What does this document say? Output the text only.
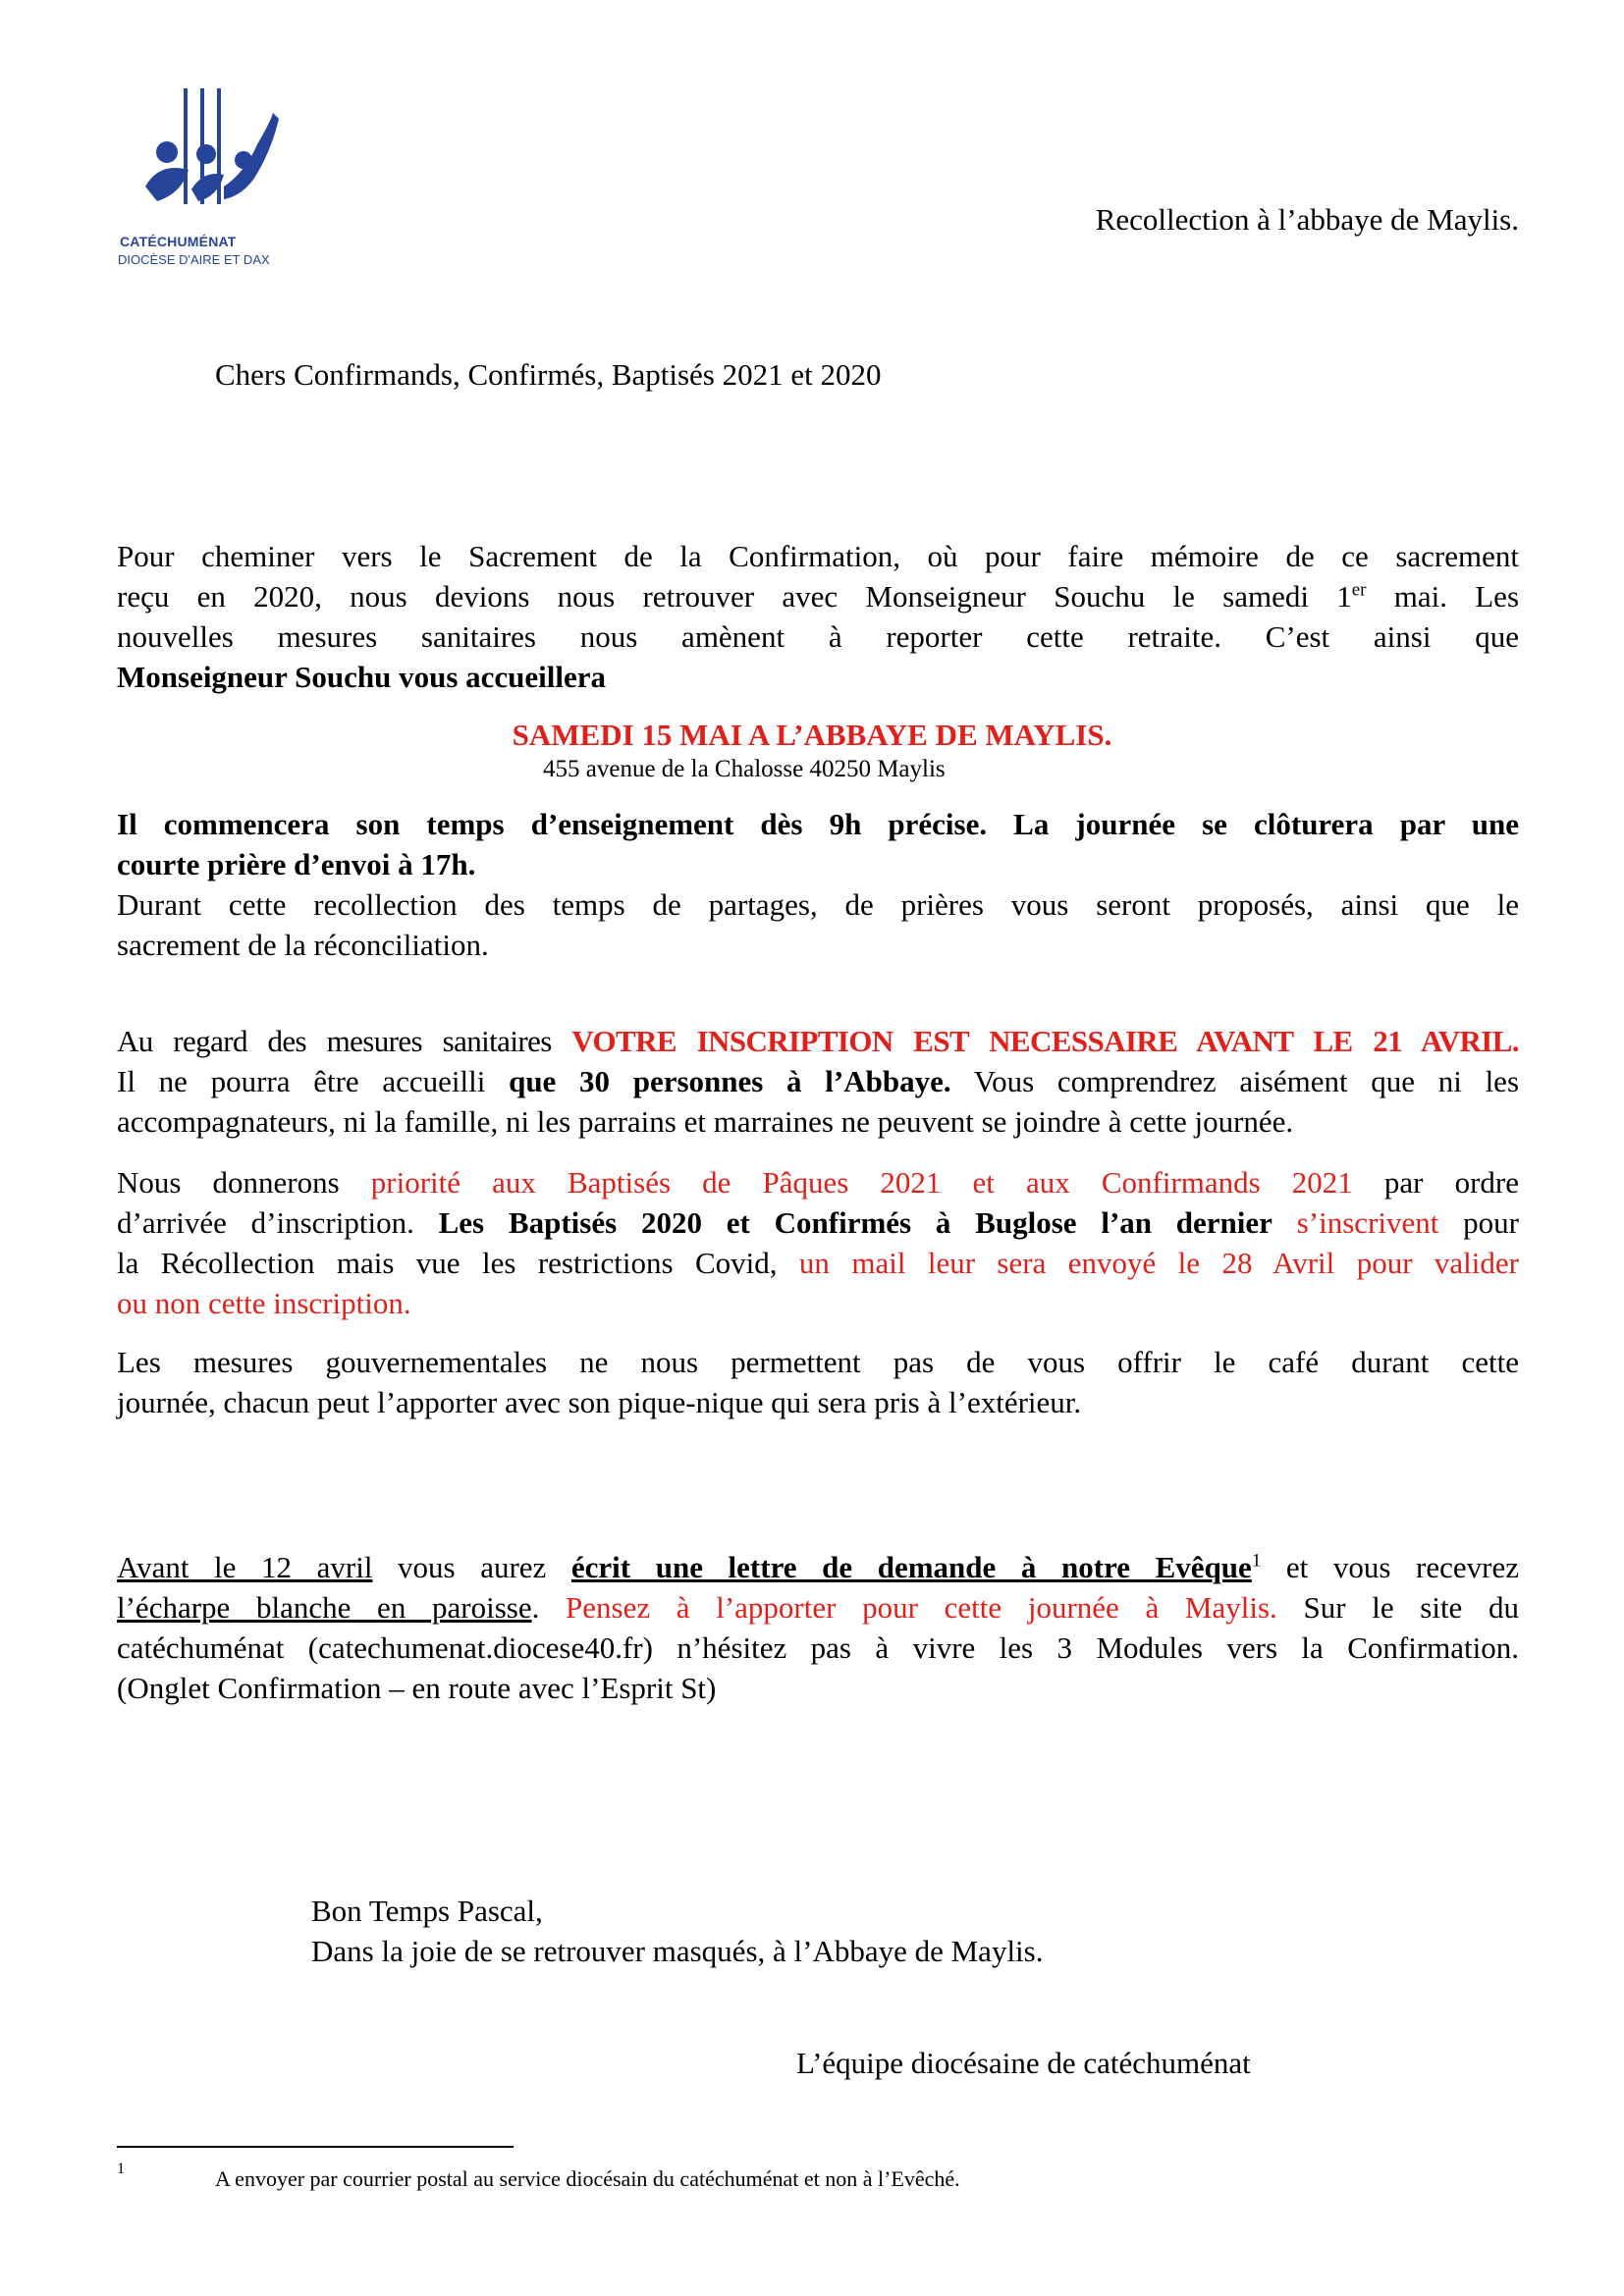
CATÉCHUMÉNAT
DIOCÈSE D'AIRE ET DAX
Recollection à l’abbaye de Maylis.
Chers Confirmands, Confirmés, Baptisés 2021 et 2020
Pour cheminer vers le Sacrement de la Confirmation, où pour faire mémoire de ce sacrement
reçu en 2020, nous devions nous retrouver avec Monseigneur Souchu le samedi 1er mai. Les
nouvelles mesures sanitaires nous amènent à reporter cette retraite. C’est ainsi que
Monseigneur Souchu vous accueillera
SAMEDI 15 MAI A L’ABBAYE DE MAYLIS.
455 avenue de la Chalosse 40250 Maylis
Il commencera son temps d’enseignement dès 9h précise. La journée se clôturera par une
courte prière d’envoi à 17h.
Durant cette recollection des temps de partages, de prières vous seront proposés, ainsi que le
sacrement de la réconciliation.
Au regard des mesures sanitaires VOTRE INSCRIPTION EST NECESSAIRE AVANT LE 21 AVRIL.
Il ne pourra être accueilli que 30 personnes à l’Abbaye. Vous comprendrez aisément que ni les
accompagnateurs, ni la famille, ni les parrains et marraines ne peuvent se joindre à cette journée.
Nous donnerons priorité aux Baptisés de Pâques 2021 et aux Confirmands 2021 par ordre
d’arrivée d’inscription. Les Baptisés 2020 et Confirmés à Buglose l’an dernier s’inscrivent pour
la Récollection mais vue les restrictions Covid, un mail leur sera envoyé le 28 Avril pour valider
ou non cette inscription.
Les mesures gouvernementales ne nous permettent pas de vous offrir le café durant cette
journée, chacun peut l’apporter avec son pique-nique qui sera pris à l’extérieur.
Avant le 12 avril vous aurez écrit une lettre de demande à notre Evêque$^1$ et vous recevrez
l’écharpe blanche en paroisse. Pensez à l’apporter pour cette journée à Maylis. Sur le site du
catéchuménat (catechumenat.diocese40.fr) n’hésitez pas à vivre les 3 Modules vers la Confirmation.
(Onglet Confirmation – en route avec l’Esprit St)
Bon Temps Pascal,
Dans la joie de se retrouver masqués, à l’Abbaye de Maylis.
L’équipe diocésaine de catéchuménat
1	A envoyer par courrier postal au service diocésain du catéchuménat et non à l’Evêché.
